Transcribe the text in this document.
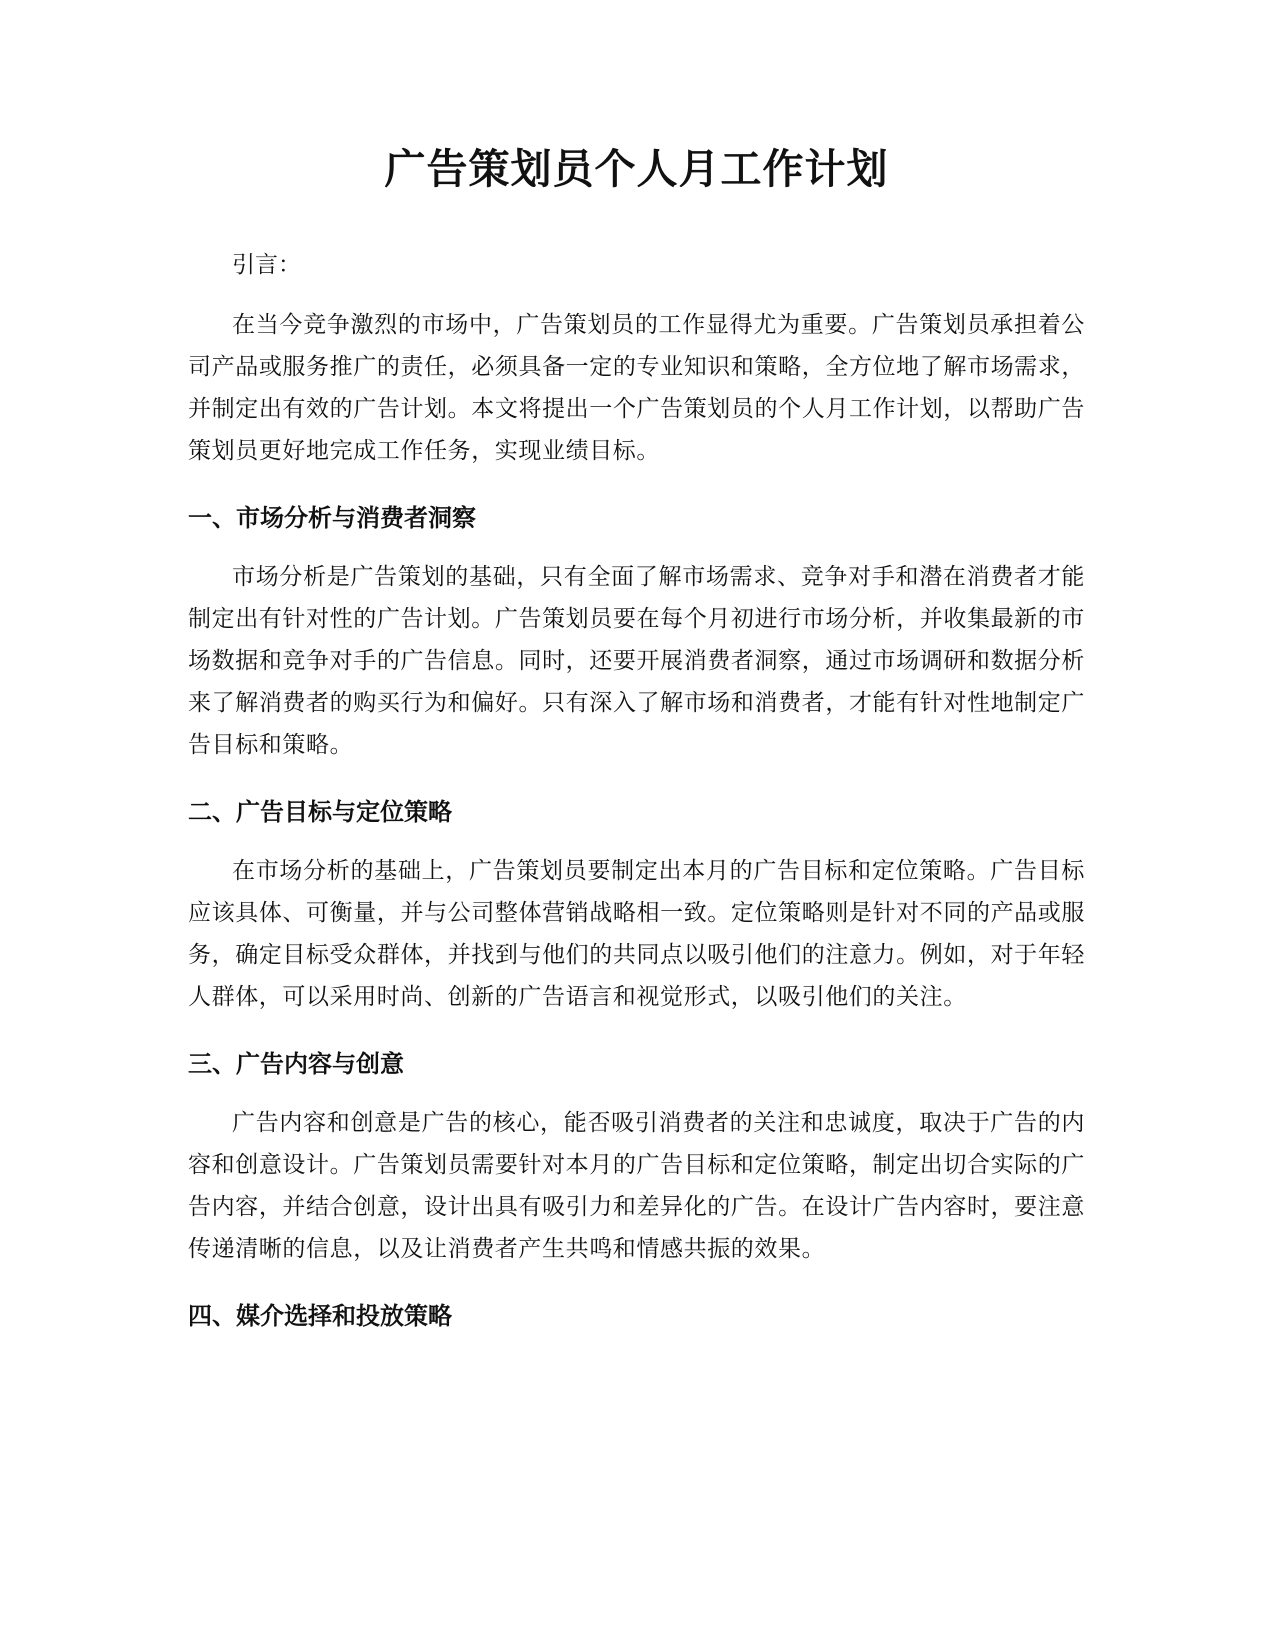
广告策划员个人月工作计划

引言：

在当今竞争激烈的市场中，广告策划员的工作显得尤为重要。广告策划员承担着公司产品或服务推广的责任，必须具备一定的专业知识和策略，全方位地了解市场需求，并制定出有效的广告计划。本文将提出一个广告策划员的个人月工作计划，以帮助广告策划员更好地完成工作任务，实现业绩目标。

一、市场分析与消费者洞察

市场分析是广告策划的基础，只有全面了解市场需求、竞争对手和潜在消费者才能制定出有针对性的广告计划。广告策划员要在每个月初进行市场分析，并收集最新的市场数据和竞争对手的广告信息。同时，还要开展消费者洞察，通过市场调研和数据分析来了解消费者的购买行为和偏好。只有深入了解市场和消费者，才能有针对性地制定广告目标和策略。

二、广告目标与定位策略

在市场分析的基础上，广告策划员要制定出本月的广告目标和定位策略。广告目标应该具体、可衡量，并与公司整体营销战略相一致。定位策略则是针对不同的产品或服务，确定目标受众群体，并找到与他们的共同点以吸引他们的注意力。例如，对于年轻人群体，可以采用时尚、创新的广告语言和视觉形式，以吸引他们的关注。

三、广告内容与创意

广告内容和创意是广告的核心，能否吸引消费者的关注和忠诚度，取决于广告的内容和创意设计。广告策划员需要针对本月的广告目标和定位策略，制定出切合实际的广告内容，并结合创意，设计出具有吸引力和差异化的广告。在设计广告内容时，要注意传递清晰的信息，以及让消费者产生共鸣和情感共振的效果。

四、媒介选择和投放策略
